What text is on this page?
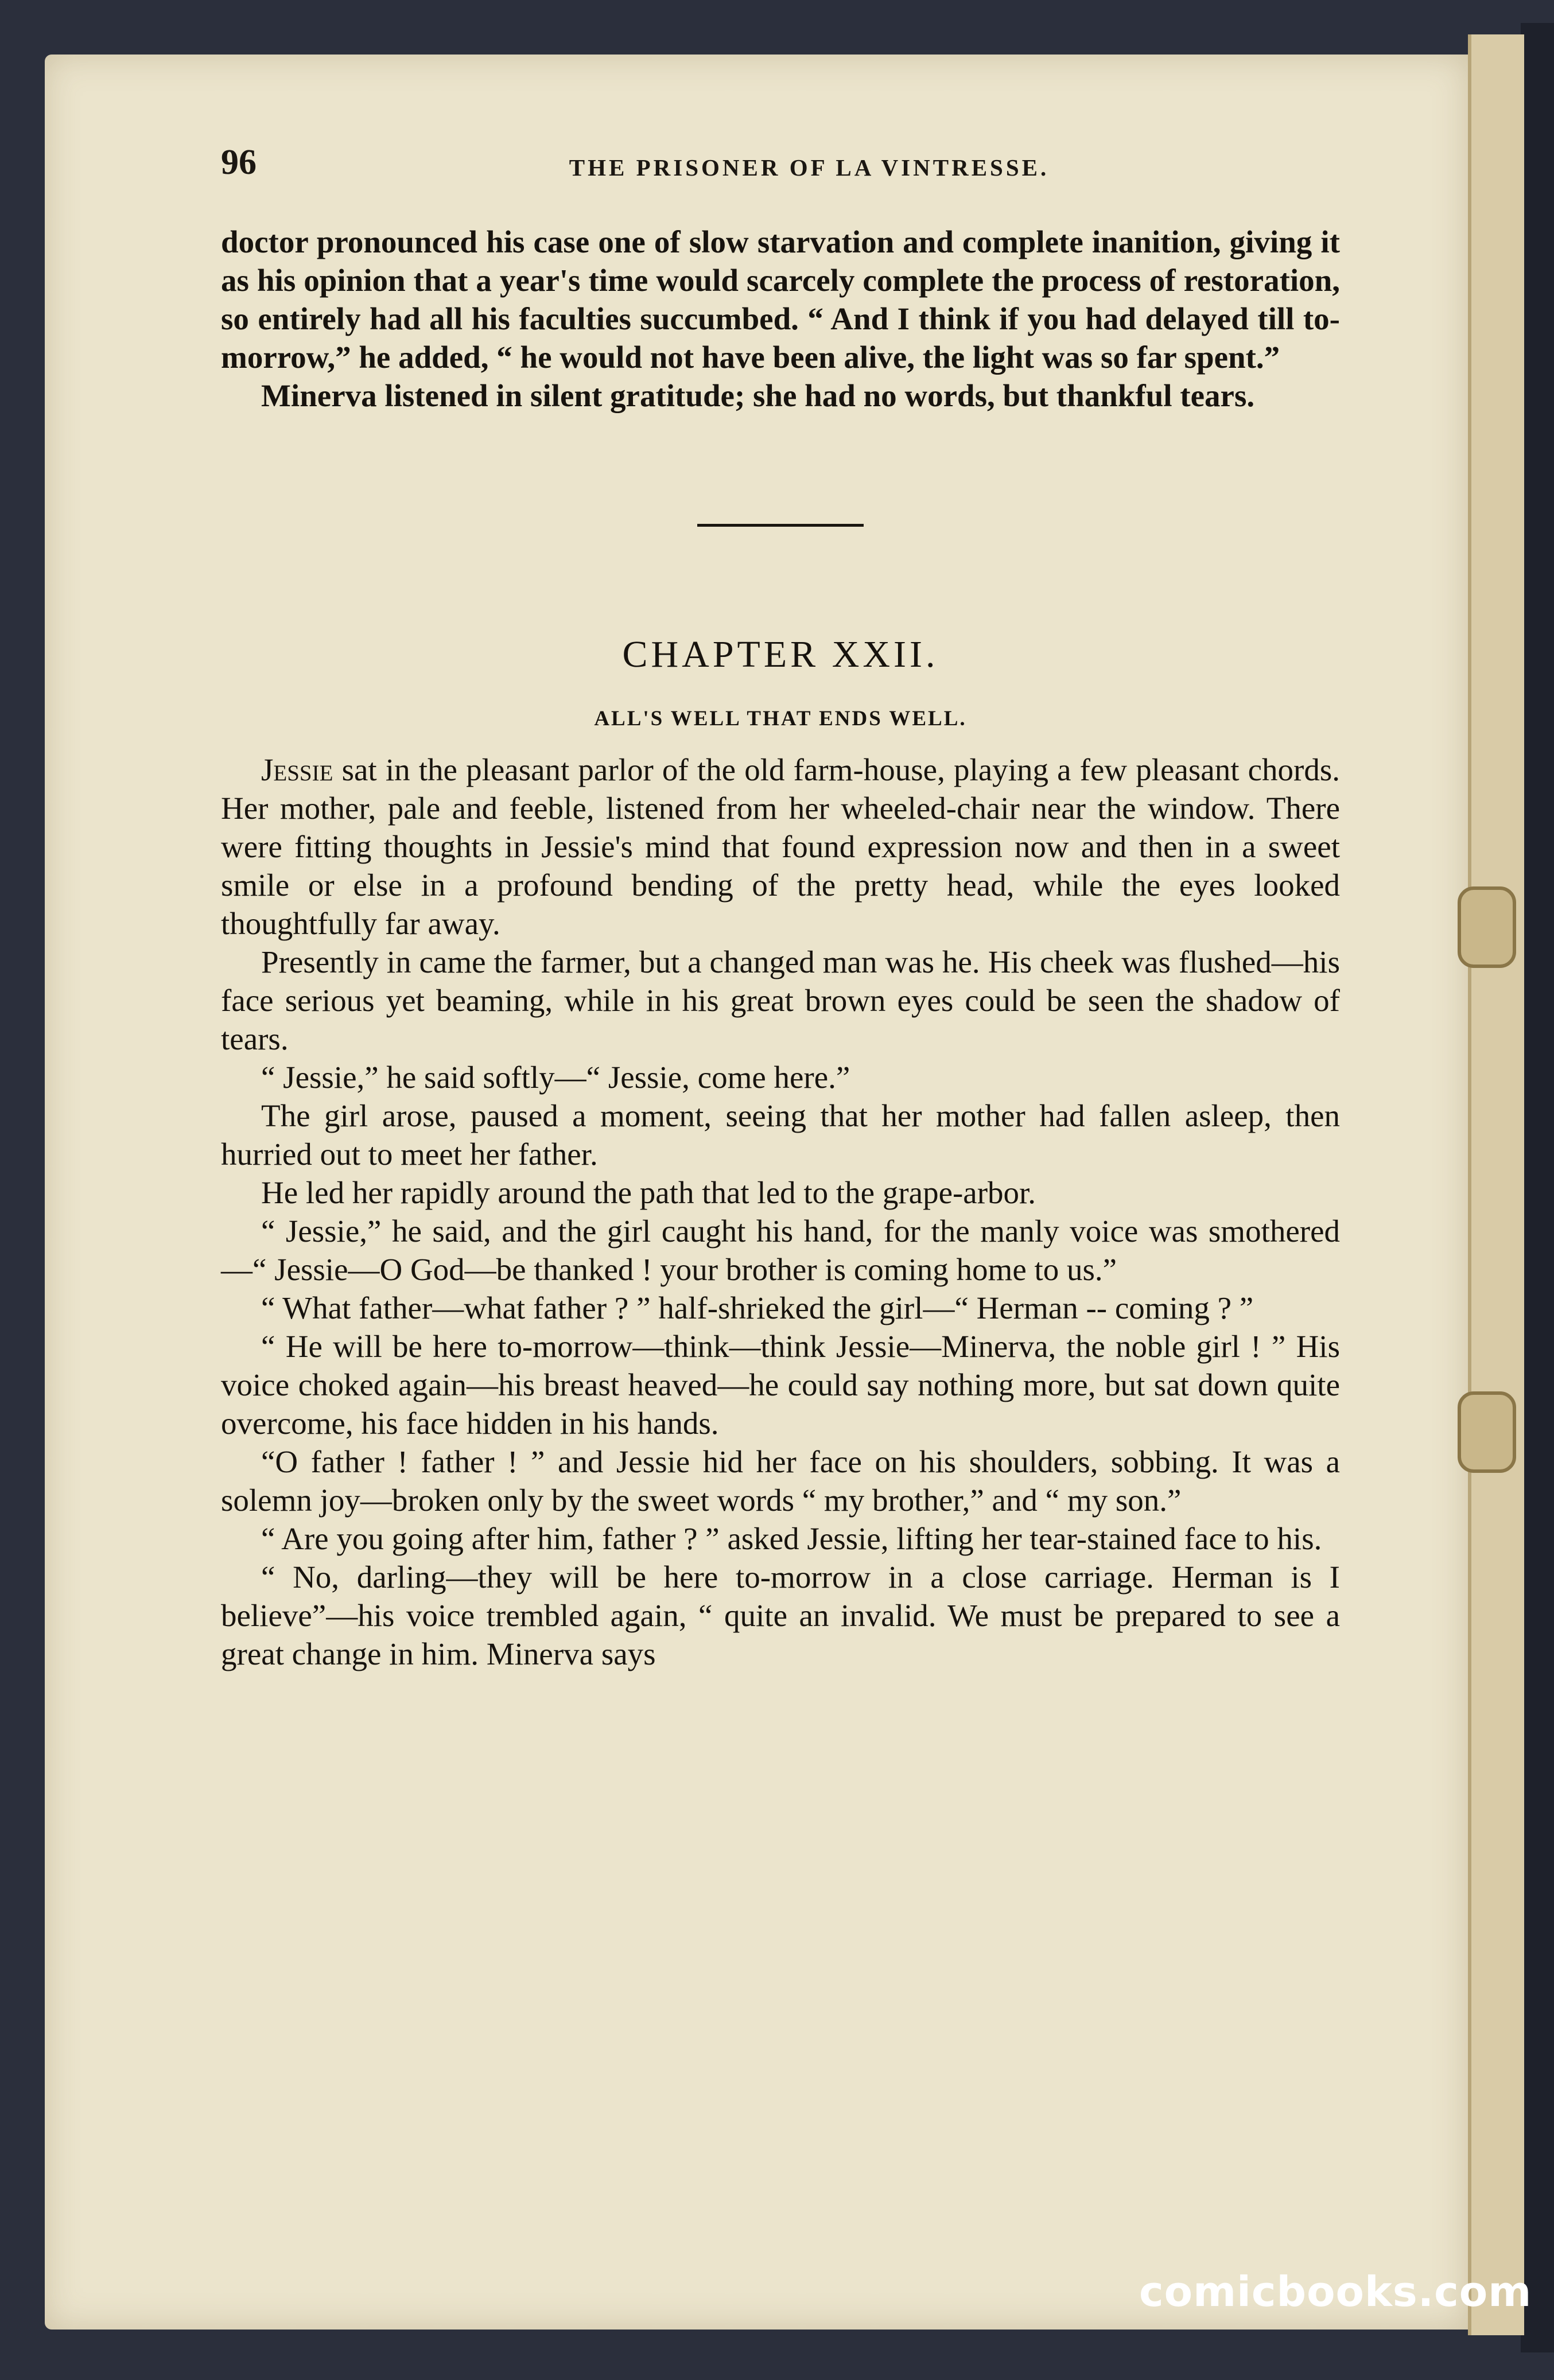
96	THE PRISONER OF LA VINTRESSE.

doctor pronounced his case one of slow starvation and complete inanition, giving it as his opinion that a year's time would scarcely complete the process of restoration, so entirely had all his faculties succumbed. “ And I think if you had delayed till to-morrow,” he added, “ he would not have been alive, the light was so far spent.”

Minerva listened in silent gratitude; she had no words, but thankful tears.

CHAPTER XXII.
ALL'S WELL THAT ENDS WELL.

Jessie sat in the pleasant parlor of the old farm-house, playing a few pleasant chords. Her mother, pale and feeble, listened from her wheeled-chair near the window. There were fitting thoughts in Jessie's mind that found expression now and then in a sweet smile or else in a profound bending of the pretty head, while the eyes looked thoughtfully far away.

Presently in came the farmer, but a changed man was he. His cheek was flushed—his face serious yet beaming, while in his great brown eyes could be seen the shadow of tears.

“ Jessie,” he said softly—“ Jessie, come here.”

The girl arose, paused a moment, seeing that her mother had fallen asleep, then hurried out to meet her father.

He led her rapidly around the path that led to the grape-arbor.

“ Jessie,” he said, and the girl caught his hand, for the manly voice was smothered—“ Jessie—O God—be thanked ! your brother is coming home to us.”

“ What father—what father ? ” half-shrieked the girl—“ Herman -- coming ? ”

“ He will be here to-morrow—think—think Jessie—Minerva, the noble girl ! ” His voice choked again—his breast heaved—he could say nothing more, but sat down quite overcome, his face hidden in his hands.

“O father ! father ! ” and Jessie hid her face on his shoulders, sobbing. It was a solemn joy—broken only by the sweet words “ my brother,” and “ my son.”

“ Are you going after him, father ? ” asked Jessie, lifting her tear-stained face to his.

“ No, darling—they will be here to-morrow in a close carriage. Herman is I believe”—his voice trembled again, “ quite an invalid. We must be prepared to see a great change in him. Minerva says

comicbooks.com
